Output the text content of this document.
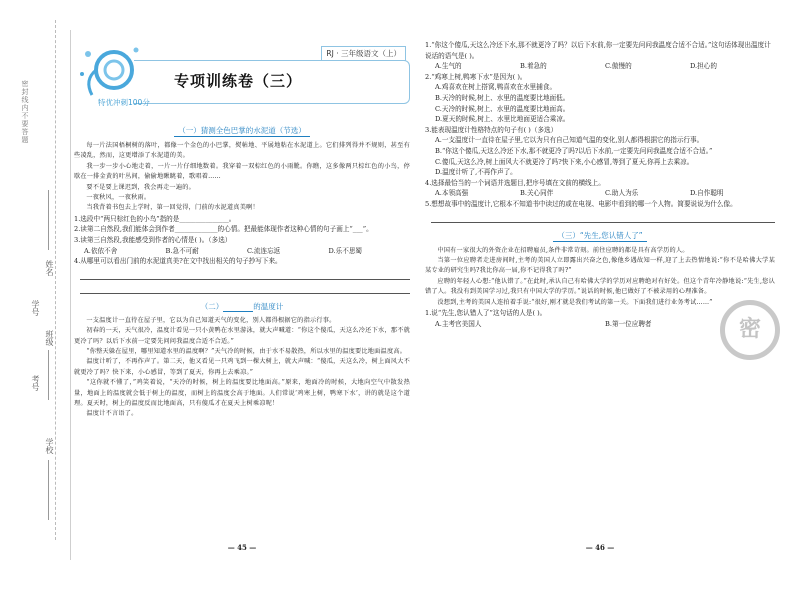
姓名
班级
学校
学号
考号
密封线内不要答题
RJ · 三年级语文（上）
专项训练卷（三）
特优冲刺100分
（一）猜测全色巴掌的水泥道（节选）

每一片法国梧桐树的落叶，都像一个金色的小巴掌，熨帖地、平展地粘在水泥道上。它们排列得并不规则，甚至有些凌乱，然而，这更增添了水泥道的美。

我一步一步小心地走着，一片一片仔细地数着。我穿着一双棕红色的小雨靴。你瞧，这多像两只棕红色的小鸟，停歇在一排金黄的叶丛间，偷偷地瞅眺着，歌唱着……

要不是要上课迟到，我会再走一遍的。

一夜秋风，一夜秋雨。

当我背着书包去上学时，第一回觉得，门前的水泥道真美啊！

1.选段中“两只棕红色的小鸟”指的是_______________。

2.读第二自然段,我们能体会到作者_____________的心情。把最能体现作者这种心情的句子画上“___”。

3.读第三自然段,我能感受到作者的心情是( )。（多选）

A.依依不舍	B.急不可耐	C.流连忘返	D.乐不思蜀

4.从哪里可以看出门前的水泥道真美?在文中找出相关的句子抄写下来。

（二）	的温度计

一支温度计一直待在屋子里，它以为自己知道天气的变化，别人都得根据它的指示行事。

初春的一天，天气很冷，温度计看见一只小黄鸭在水里游泳，就大声喊道：“你这个傻瓜，天这么冷还下水，那不就更冷了吗？以后下水前一定要先问问我温度合适不合适。”

“你整天躲在屋里，哪里知道水里的温度啊？”天气冷的时候，由于水不易散热，所以水里的温度要比地面温度高。

温度计听了，不再作声了。第二天，他又看见一只鸡飞到一棵大树上，就大声喊：“傻瓜，天这么冷，树上面风大不就更冷了吗？快下来，小心感冒，等到了夏天，你再上去乘凉。”

“这你就不懂了，”鸡笑着说，“天冷的时候，树上的温度要比地面高。”原来，地面冷的时候，大地向空气中散发热量，地面上的温度就会低于树上的温度，而树上的温度会高于地面。人们常说‘鸡寒上树，鸭寒下水’，讲的就是这个道理。夏天时，树上的温度反而比地面高，只有傻瓜才在夏天上树乘凉呢！

温度计不言语了。

— 45 —

1.“你这个傻瓜,天这么冷还下水,那不就更冷了吗？以后下水前,你一定要先问问我温度合适不合适。”这句话体现出温度计说话的语气是( )。

A.生气的	B.着急的	C.傲慢的	D.担心的

2.“鸡寒上树,鸭寒下水”是因为( )。

A.鸡喜欢在树上搭窝,鸭喜欢在水里捕食。

B.天冷的时候,树上、水里的温度要比地面低。

C.天冷的时候,树上、水里的温度要比地面高。

D.夏天的时候,树上、水里比地面更适合乘凉。

3.能表现温度计性格特点的句子有( )（多选）

A.一支温度计一直待在屋子里,它以为只有自己知道气温的变化,别人都得根据它的指示行事。

B.“你这个傻瓜,天这么冷还下水,那不就更冷了吗?以后下水前,一定要先问问我温度合适不合适。”

C.傻瓜,天这么冷,树上面风大不就更冷了吗?快下来,小心感冒,等到了夏天,你再上去乘凉。

D.温度计听了,不再作声了。

4.选择最恰当的一个词语并选题目,把序号填在文前的横线上。

A.本领高强	B.关心同伴	C.助人为乐	D.自作聪明

5.想想故事中的温度计,它根本不知道书中读过的或在电视、电影中看到的哪一个人物。简要说说为什么像。

（三）“先生,您认错人了”

中国有一家很大的外资企业在招聘雇员,条件非常苛刻。前往应聘的都是具有高学历的人。

当第一位应聘者走进房间时,主考的美国人立即露出兴奋之色,像他乡遇故知一样,迎了上去热情地说:“你不是哈佛大学某某专业的研究生吗?我比你高一届,你不记得我了吗?”

应聘的年轻人心想:“他认错了。”在此时,承认自己有哈佛大学的学历对应聘绝对有好处。但这个青年冷静地说:“先生,您认错了人。我没有到美国学习过,我只有中国大学的学历。”说话的时候,他已做好了不被录用的心理准备。

没想到,主考的美国人连拍着手说:“很好,刚才就是我们考试的第一关。下面我们进行业务考试……”

1.说“先生,您认错人了”这句话的人是( )。

A.主考官美国人	B.第一位应聘者	密
— 46 —
